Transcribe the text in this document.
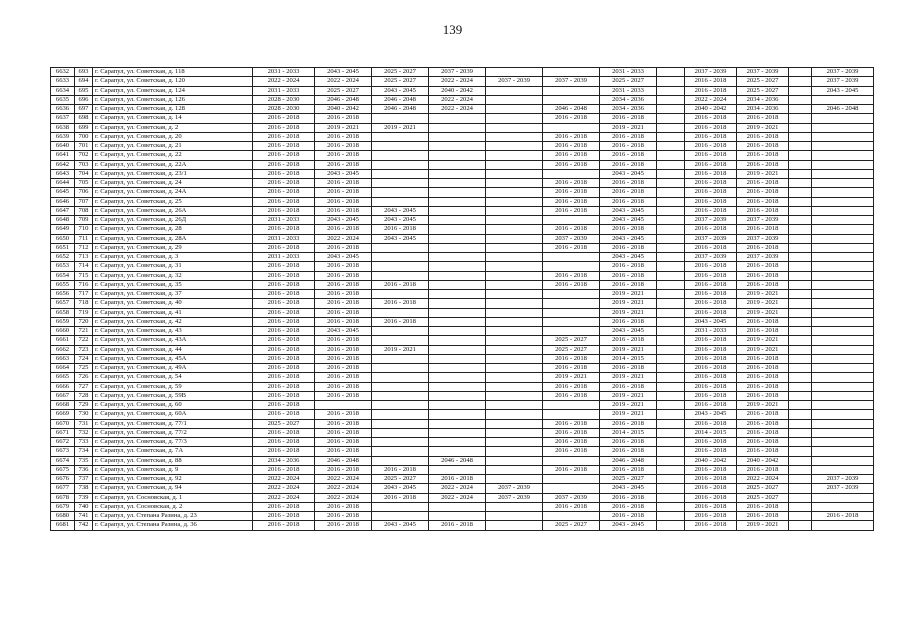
139
6632	693	г. Сарапул, ул. Советская, д. 118	2031 - 2033	2043 - 2045	2025 - 2027	2037 - 2039			2031 - 2033		2037 - 2039	2037 - 2039		2037 - 2039
6633	694	г. Сарапул, ул. Советская, д. 120	2022 - 2024	2022 - 2024	2025 - 2027	2022 - 2024	2037 - 2039	2037 - 2039	2025 - 2027		2016 - 2018	2025 - 2027		2037 - 2039
6634	695	г. Сарапул, ул. Советская, д. 124	2031 - 2033	2025 - 2027	2043 - 2045	2040 - 2042			2031 - 2033		2016 - 2018	2025 - 2027		2043 - 2045
6635	696	г. Сарапул, ул. Советская, д. 126	2028 - 2030	2046 - 2048	2046 - 2048	2022 - 2024			2034 - 2036		2022 - 2024	2034 - 2036		
6636	697	г. Сарапул, ул. Советская, д. 128	2028 - 2030	2040 - 2042	2046 - 2048	2022 - 2024		2046 - 2048	2034 - 2036		2040 - 2042	2034 - 2036		2046 - 2048
6637	698	г. Сарапул, ул. Советская, д. 14	2016 - 2018	2016 - 2018				2016 - 2018	2016 - 2018		2016 - 2018	2016 - 2018		
6638	699	г. Сарапул, ул. Советская, д. 2	2016 - 2018	2019 - 2021	2019 - 2021				2019 - 2021		2016 - 2018	2019 - 2021		
6639	700	г. Сарапул, ул. Советская, д. 20	2016 - 2018	2016 - 2018				2016 - 2018	2016 - 2018		2016 - 2018	2016 - 2018		
6640	701	г. Сарапул, ул. Советская, д. 21	2016 - 2018	2016 - 2018				2016 - 2018	2016 - 2018		2016 - 2018	2016 - 2018		
6641	702	г. Сарапул, ул. Советская, д. 22	2016 - 2018	2016 - 2018				2016 - 2018	2016 - 2018		2016 - 2018	2016 - 2018		
6642	703	г. Сарапул, ул. Советская, д. 22А	2016 - 2018	2016 - 2018				2016 - 2018	2016 - 2018		2016 - 2018	2016 - 2018		
6643	704	г. Сарапул, ул. Советская, д. 23/1	2016 - 2018	2043 - 2045					2043 - 2045		2016 - 2018	2019 - 2021		
6644	705	г. Сарапул, ул. Советская, д. 24	2016 - 2018	2016 - 2018				2016 - 2018	2016 - 2018		2016 - 2018	2016 - 2018		
6645	706	г. Сарапул, ул. Советская, д. 24А	2016 - 2018	2016 - 2018				2016 - 2018	2016 - 2018		2016 - 2018	2016 - 2018		
6646	707	г. Сарапул, ул. Советская, д. 25	2016 - 2018	2016 - 2018				2016 - 2018	2016 - 2018		2016 - 2018	2016 - 2018		
6647	708	г. Сарапул, ул. Советская, д. 26А	2016 - 2018	2016 - 2018	2043 - 2045			2016 - 2018	2043 - 2045		2016 - 2018	2016 - 2018		
6648	709	г. Сарапул, ул. Советская, д. 26Д	2031 - 2033	2043 - 2045	2043 - 2045				2043 - 2045		2037 - 2039	2037 - 2039		
6649	710	г. Сарапул, ул. Советская, д. 28	2016 - 2018	2016 - 2018	2016 - 2018			2016 - 2018	2016 - 2018		2016 - 2018	2016 - 2018		
6650	711	г. Сарапул, ул. Советская, д. 28А	2031 - 2033	2022 - 2024	2043 - 2045			2037 - 2039	2043 - 2045		2037 - 2039	2037 - 2039		
6651	712	г. Сарапул, ул. Советская, д. 29	2016 - 2018	2016 - 2018				2016 - 2018	2016 - 2018		2016 - 2018	2016 - 2018		
6652	713	г. Сарапул, ул. Советская, д. 3	2031 - 2033	2043 - 2045					2043 - 2045		2037 - 2039	2037 - 2039		
6653	714	г. Сарапул, ул. Советская, д. 31	2016 - 2018	2016 - 2018					2016 - 2018		2016 - 2018	2016 - 2018		
6654	715	г. Сарапул, ул. Советская, д. 32	2016 - 2018	2016 - 2018				2016 - 2018	2016 - 2018		2016 - 2018	2016 - 2018		
6655	716	г. Сарапул, ул. Советская, д. 35	2016 - 2018	2016 - 2018	2016 - 2018			2016 - 2018	2016 - 2018		2016 - 2018	2016 - 2018		
6656	717	г. Сарапул, ул. Советская, д. 37	2016 - 2018	2016 - 2018					2019 - 2021		2016 - 2018	2019 - 2021		
6657	718	г. Сарапул, ул. Советская, д. 40	2016 - 2018	2016 - 2018	2016 - 2018				2019 - 2021		2016 - 2018	2019 - 2021		
6658	719	г. Сарапул, ул. Советская, д. 41	2016 - 2018	2016 - 2018					2019 - 2021		2016 - 2018	2019 - 2021		
6659	720	г. Сарапул, ул. Советская, д. 42	2016 - 2018	2016 - 2018	2016 - 2018				2016 - 2018		2043 - 2045	2016 - 2018		
6660	721	г. Сарапул, ул. Советская, д. 43	2016 - 2018	2043 - 2045					2043 - 2045		2031 - 2033	2016 - 2018		
6661	722	г. Сарапул, ул. Советская, д. 43А	2016 - 2018	2016 - 2018				2025 - 2027	2016 - 2018		2016 - 2018	2019 - 2021		
6662	723	г. Сарапул, ул. Советская, д. 44	2016 - 2018	2016 - 2018	2019 - 2021			2025 - 2027	2019 - 2021		2016 - 2018	2019 - 2021		
6663	724	г. Сарапул, ул. Советская, д. 45А	2016 - 2018	2016 - 2018				2016 - 2018	2014 - 2015		2016 - 2018	2016 - 2018		
6664	725	г. Сарапул, ул. Советская, д. 49А	2016 - 2018	2016 - 2018				2016 - 2018	2016 - 2018		2016 - 2018	2016 - 2018		
6665	726	г. Сарапул, ул. Советская, д. 54	2016 - 2018	2016 - 2018				2019 - 2021	2019 - 2021		2016 - 2018	2016 - 2018		
6666	727	г. Сарапул, ул. Советская, д. 59	2016 - 2018	2016 - 2018				2016 - 2018	2016 - 2018		2016 - 2018	2016 - 2018		
6667	728	г. Сарапул, ул. Советская, д. 59В	2016 - 2018	2016 - 2018				2016 - 2018	2019 - 2021		2016 - 2018	2016 - 2018		
6668	729	г. Сарапул, ул. Советская, д. 60	2016 - 2018						2019 - 2021		2016 - 2018	2019 - 2021		
6669	730	г. Сарапул, ул. Советская, д. 60А	2016 - 2018	2016 - 2018					2019 - 2021		2043 - 2045	2016 - 2018		
6670	731	г. Сарапул, ул. Советская, д. 77/1	2025 - 2027	2016 - 2018				2016 - 2018	2016 - 2018		2016 - 2018	2016 - 2018		
6671	732	г. Сарапул, ул. Советская, д. 77/2	2016 - 2018	2016 - 2018				2016 - 2018	2014 - 2015		2014 - 2015	2016 - 2018		
6672	733	г. Сарапул, ул. Советская, д. 77/3	2016 - 2018	2016 - 2018				2016 - 2018	2016 - 2018		2016 - 2018	2016 - 2018		
6673	734	г. Сарапул, ул. Советская, д. 7А	2016 - 2018	2016 - 2018				2016 - 2018	2016 - 2018		2016 - 2018	2016 - 2018		
6674	735	г. Сарапул, ул. Советская, д. 88	2034 - 2036	2046 - 2048		2046 - 2048			2046 - 2048		2040 - 2042	2040 - 2042		
6675	736	г. Сарапул, ул. Советская, д. 9	2016 - 2018	2016 - 2018	2016 - 2018			2016 - 2018	2016 - 2018		2016 - 2018	2016 - 2018		
6676	737	г. Сарапул, ул. Советская, д. 92	2022 - 2024	2022 - 2024	2025 - 2027	2016 - 2018			2025 - 2027		2016 - 2018	2022 - 2024		2037 - 2039
6677	738	г. Сарапул, ул. Советская, д. 94	2022 - 2024	2022 - 2024	2043 - 2045	2022 - 2024	2037 - 2039		2043 - 2045		2016 - 2018	2025 - 2027		2037 - 2039
6678	739	г. Сарапул, ул. Сосновская, д. 1	2022 - 2024	2022 - 2024	2016 - 2018	2022 - 2024	2037 - 2039	2037 - 2039	2016 - 2018		2016 - 2018	2025 - 2027		
6679	740	г. Сарапул, ул. Сосновская, д. 2	2016 - 2018	2016 - 2018				2016 - 2018	2016 - 2018		2016 - 2018	2016 - 2018		
6680	741	г. Сарапул, ул. Степана Разина, д. 23	2016 - 2018	2016 - 2018					2016 - 2018		2016 - 2018	2016 - 2018		2016 - 2018
6681	742	г. Сарапул, ул. Степана Разина, д. 36	2016 - 2018	2016 - 2018	2043 - 2045	2016 - 2018		2025 - 2027	2043 - 2045		2016 - 2018	2019 - 2021		
